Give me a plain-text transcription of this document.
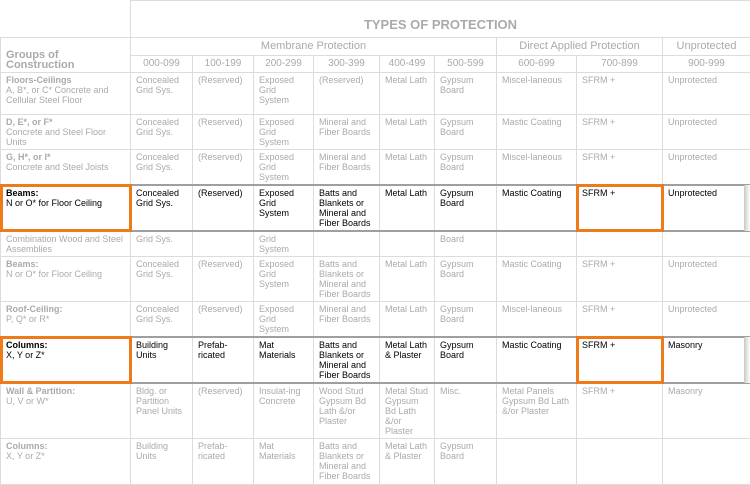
	TYPES OF PROTECTION								
Groups of Construction	Membrane Protection						Direct Applied Protection		Unprotected
	000-099	100-199	200-299	300-399	400-499	500-599	600-699	700-899	900-999

Floors-Ceilings
A, B*, or C* Concrete and Cellular Steel Floor	Concealed Grid Sys.	(Reserved)	Exposed Grid System	(Reserved)	Metal Lath	Gypsum Board	Miscel-laneous	SFRM +	Unprotected

D, E*, or F*
Concrete and Steel Floor Units	Concealed Grid Sys.	(Reserved)	Exposed Grid System	Mineral and Fiber Boards	Metal Lath	Gypsum Board	Mastic Coating	SFRM +	Unprotected

G, H*, or I*
Concrete and Steel Joists	Concealed Grid Sys.	(Reserved)	Exposed Grid System	Mineral and Fiber Boards	Metal Lath	Gypsum Board	Miscel-laneous	SFRM +	Unprotected

Beams:
N or O* for Floor Ceiling	Concealed Grid Sys.	(Reserved)	Exposed Grid System	Batts and Blankets or Mineral and Fiber Boards	Metal Lath	Gypsum Board	Mastic Coating	SFRM +	Unprotected

Combination Wood and Steel Assemblies	Grid Sys.		Grid System			Board			

Beams:
N or O* for Floor Ceiling	Concealed Grid Sys.	(Reserved)	Exposed Grid System	Batts and Blankets or Mineral and Fiber Boards	Metal Lath	Gypsum Board	Mastic Coating	SFRM +	Unprotected

Roof-Ceiling:
P, Q* or R*	Concealed Grid Sys.	(Reserved)	Exposed Grid System	Mineral and Fiber Boards	Metal Lath	Gypsum Board	Miscel-laneous	SFRM +	Unprotected

Columns:
X, Y or Z*	Building Units	Prefab-ricated	Mat Materials	Batts and Blankets or Mineral and Fiber Boards	Metal Lath & Plaster	Gypsum Board	Mastic Coating	SFRM +	Masonry

Wall & Partition:
U, V or W*	Bldg. or Partition Panel Units	(Reserved)	Insulat-ing Concrete	Wood Stud Gypsum Bd Lath &/or Plaster	Metal Stud Gypsum Bd Lath &/or Plaster	Misc.	Metal Panels Gypsum Bd Lath &/or Plaster	SFRM +	Masonry

Columns:
X, Y or Z*	Building Units	Prefab-ricated	Mat Materials	Batts and Blankets or Mineral and Fiber Boards	Metal Lath & Plaster	Gypsum Board			
